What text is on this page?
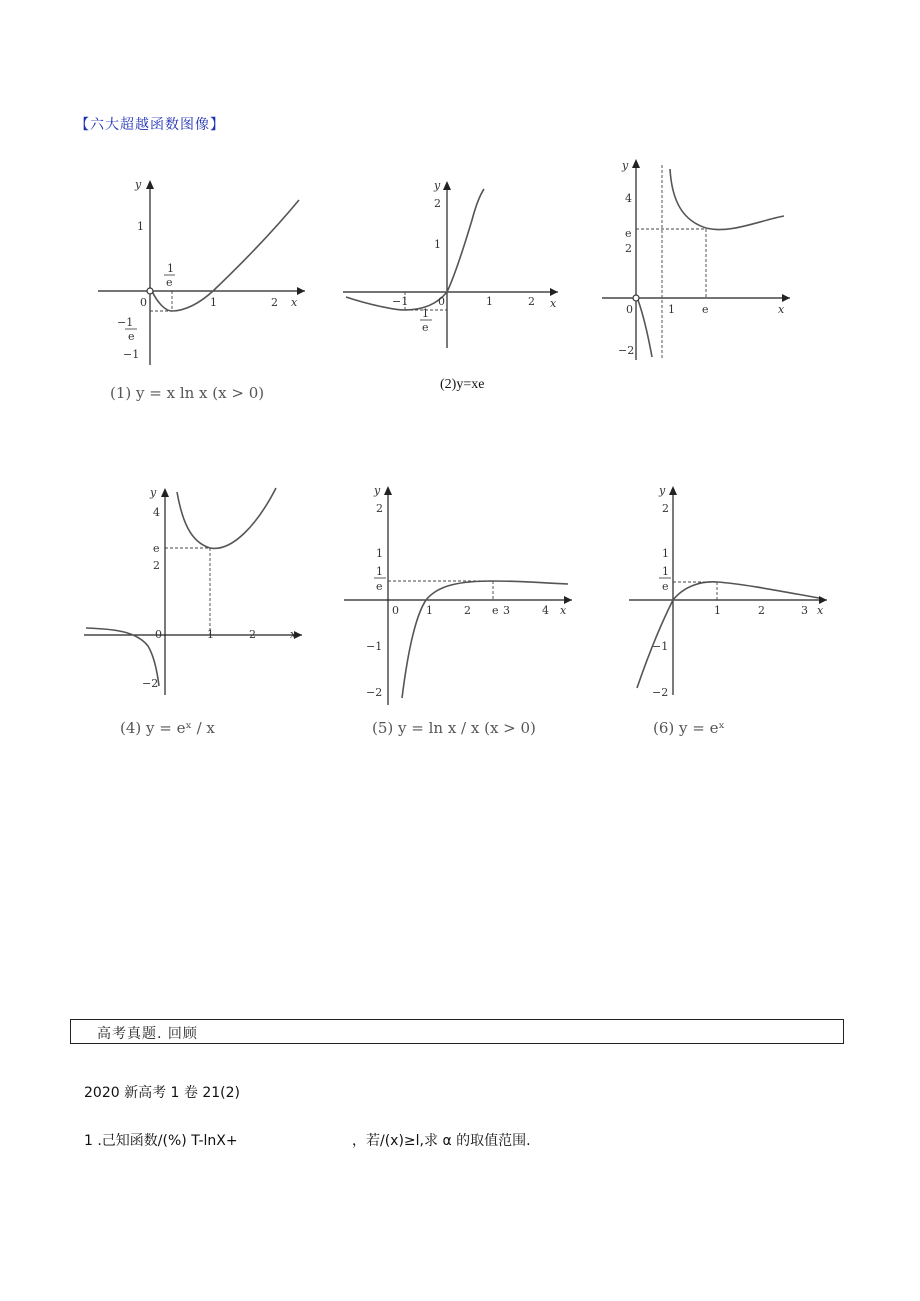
【六大超越函数图像】
y
x
1
−1
0	1	2
1
e
−1
e
(1) y = x ln x (x > 0)
y
x
2
1
−1	0	1	2
1
e
(2)y=xe
y
x
4
e
2
−2
0	1 e
y
x
4
e
2
−2
0	1	2
(4) y = eˣ / x
y
x
2
1
1
e
−1
−2
0 1	2 e 3	4
(5) y = ln x / x (x > 0)
y
x
2
1
1
e
−1
−2
1	2	3
(6) y = eˣ
高考真题. 回顾
2020 新高考 1 卷 21(2)
1 .己知函数/(%) T-lnX+	，若/(x)≥l,求 α 的取值范围.
